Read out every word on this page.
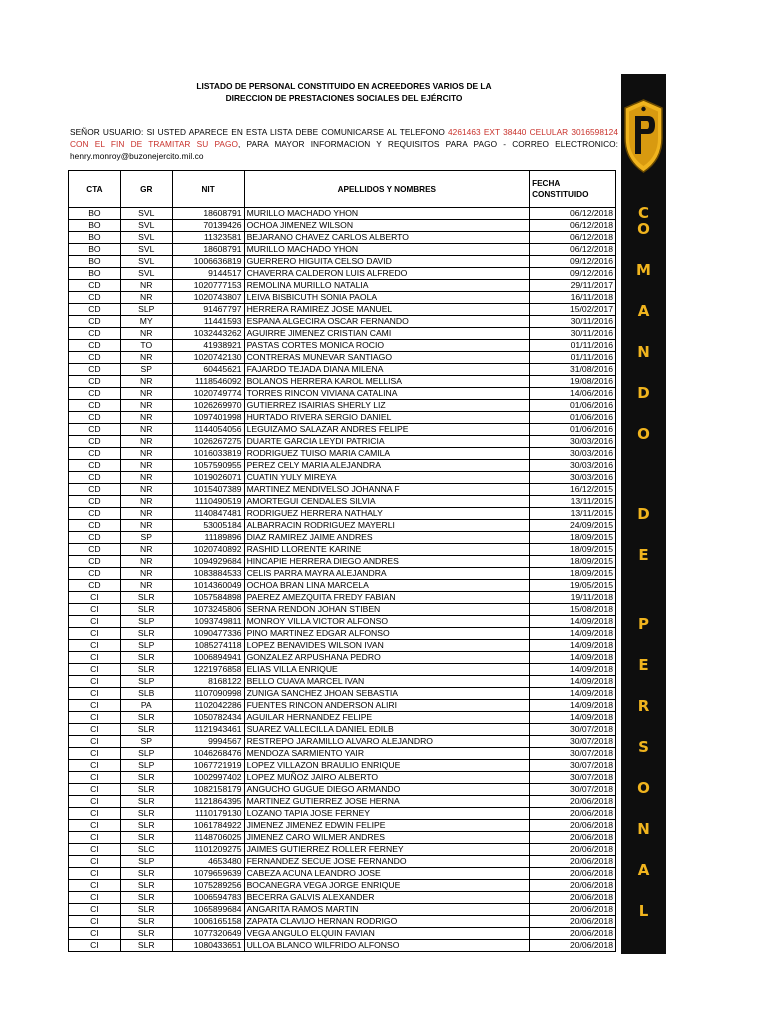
LISTADO DE PERSONAL CONSTITUIDO EN ACREEDORES VARIOS DE LA
DIRECCION DE PRESTACIONES SOCIALES DEL EJÉRCITO
SEÑOR USUARIO: SI USTED APARECE EN ESTA LISTA DEBE COMUNICARSE AL TELEFONO 4261463 EXT 38440 CELULAR 3016598124 CON EL FIN DE TRAMITAR SU PAGO, PARA MAYOR INFORMACION Y REQUISITOS PARA PAGO - CORREO ELECTRONICO: henry.monroy@buzonejercito.mil.co
C
O
M
A
N
D
O
D
E
P
E
R
S
O
N
A
L
CTA	GR	NIT	APELLIDOS Y NOMBRES	FECHA CONSTITUIDO

BO	SVL	18608791	MURILLO MACHADO YHON	06/12/2018
BO	SVL	70139426	OCHOA JIMENEZ WILSON	06/12/2018
BO	SVL	11323581	BEJARANO CHAVEZ CARLOS ALBERTO	06/12/2018
BO	SVL	18608791	MURILLO MACHADO YHON	06/12/2018
BO	SVL	1006636819	GUERRERO HIGUITA CELSO DAVID	09/12/2016
BO	SVL	9144517	CHAVERRA CALDERON LUIS ALFREDO	09/12/2016
CD	NR	1020777153	REMOLINA MURILLO NATALIA	29/11/2017
CD	NR	1020743807	LEIVA BISBICUTH SONIA PAOLA	16/11/2018
CD	SLP	91467797	HERRERA RAMIREZ JOSE MANUEL	15/02/2017
CD	MY	11441593	ESPANA ALGECIRA OSCAR FERNANDO	30/11/2016
CD	NR	1032443262	AGUIRRE JIMENEZ CRISTIAN CAMI	30/11/2016
CD	TO	41938921	PASTAS CORTES MONICA ROCIO	01/11/2016
CD	NR	1020742130	CONTRERAS MUNEVAR SANTIAGO	01/11/2016
CD	SP	60445621	FAJARDO TEJADA DIANA MILENA	31/08/2016
CD	NR	1118546092	BOLANOS HERRERA KAROL MELLISA	19/08/2016
CD	NR	1020749774	TORRES RINCON VIVIANA CATALINA	14/06/2016
CD	NR	1026269970	GUTIERREZ ISAIRIAS SHERLY LIZ	01/06/2016
CD	NR	1097401998	HURTADO RIVERA SERGIO DANIEL	01/06/2016
CD	NR	1144054056	LEGUIZAMO SALAZAR ANDRES FELIPE	01/06/2016
CD	NR	1026267275	DUARTE GARCIA LEYDI PATRICIA	30/03/2016
CD	NR	1016033819	RODRIGUEZ TUISO MARIA CAMILA	30/03/2016
CD	NR	1057590955	PEREZ CELY MARIA ALEJANDRA	30/03/2016
CD	NR	1019026071	CUATIN YULY MIREYA	30/03/2016
CD	NR	1015407389	MARTINEZ MENDIVELSO JOHANNA F	16/12/2015
CD	NR	1110490519	AMORTEGUI CENDALES SILVIA	13/11/2015
CD	NR	1140847481	RODRIGUEZ HERRERA NATHALY	13/11/2015
CD	NR	53005184	ALBARRACIN RODRIGUEZ MAYERLI	24/09/2015
CD	SP	11189896	DIAZ RAMIREZ JAIME ANDRES	18/09/2015
CD	NR	1020740892	RASHID LLORENTE KARINE	18/09/2015
CD	NR	1094929684	HINCAPIE HERRERA DIEGO ANDRES	18/09/2015
CD	NR	1083884533	CELIS PARRA MAYRA ALEJANDRA	18/09/2015
CD	NR	1014360049	OCHOA BRAN LINA MARCELA	19/05/2015
CI	SLR	1057584898	PAEREZ AMEZQUITA FREDY FABIAN	19/11/2018
CI	SLR	1073245806	SERNA RENDON JOHAN STIBEN	15/08/2018
CI	SLP	1093749811	MONROY VILLA VICTOR ALFONSO	14/09/2018
CI	SLR	1090477336	PINO MARTINEZ EDGAR ALFONSO	14/09/2018
CI	SLP	1085274118	LOPEZ BENAVIDES WILSON IVAN	14/09/2018
CI	SLR	1006894941	GONZALEZ ARPUSHANA PEDRO	14/09/2018
CI	SLR	1221976858	ELIAS VILLA ENRIQUE	14/09/2018
CI	SLP	8168122	BELLO CUAVA MARCEL IVAN	14/09/2018
CI	SLB	1107090998	ZUNIGA SANCHEZ JHOAN SEBASTIA	14/09/2018
CI	PA	1102042286	FUENTES RINCON ANDERSON ALIRI	14/09/2018
CI	SLR	1050782434	AGUILAR HERNANDEZ FELIPE	14/09/2018
CI	SLR	1121943461	SUAREZ VALLECILLA DANIEL EDILB	30/07/2018
CI	SP	9994567	RESTREPO JARAMILLO ALVARO ALEJANDRO	30/07/2018
CI	SLP	1046268476	MENDOZA SARMIENTO YAIR	30/07/2018
CI	SLP	1067721919	LOPEZ VILLAZON BRAULIO ENRIQUE	30/07/2018
CI	SLR	1002997402	LOPEZ MUÑOZ JAIRO ALBERTO	30/07/2018
CI	SLR	1082158179	ANGUCHO GUGUE DIEGO ARMANDO	30/07/2018
CI	SLR	1121864395	MARTINEZ GUTIERREZ JOSE HERNA	20/06/2018
CI	SLR	1110179130	LOZANO TAPIA JOSE FERNEY	20/06/2018
CI	SLR	1061784922	JIMENEZ JIMENEZ EDWIN FELIPE	20/06/2018
CI	SLR	1148706025	JIMENEZ CARO WILMER ANDRES	20/06/2018
CI	SLC	1101209275	JAIMES GUTIERREZ ROLLER FERNEY	20/06/2018
CI	SLP	4653480	FERNANDEZ SECUE JOSE FERNANDO	20/06/2018
CI	SLR	1079659639	CABEZA ACUNA LEANDRO JOSE	20/06/2018
CI	SLR	1075289256	BOCANEGRA VEGA JORGE ENRIQUE	20/06/2018
CI	SLR	1006594783	BECERRA GALVIS ALEXANDER	20/06/2018
CI	SLR	1065899684	ANGARITA RAMOS MARTIN	20/06/2018
CI	SLR	1006165158	ZAPATA CLAVIJO HERNAN RODRIGO	20/06/2018
CI	SLR	1077320649	VEGA ANGULO ELQUIN FAVIAN	20/06/2018
CI	SLR	1080433651	ULLOA BLANCO WILFRIDO ALFONSO	20/06/2018
